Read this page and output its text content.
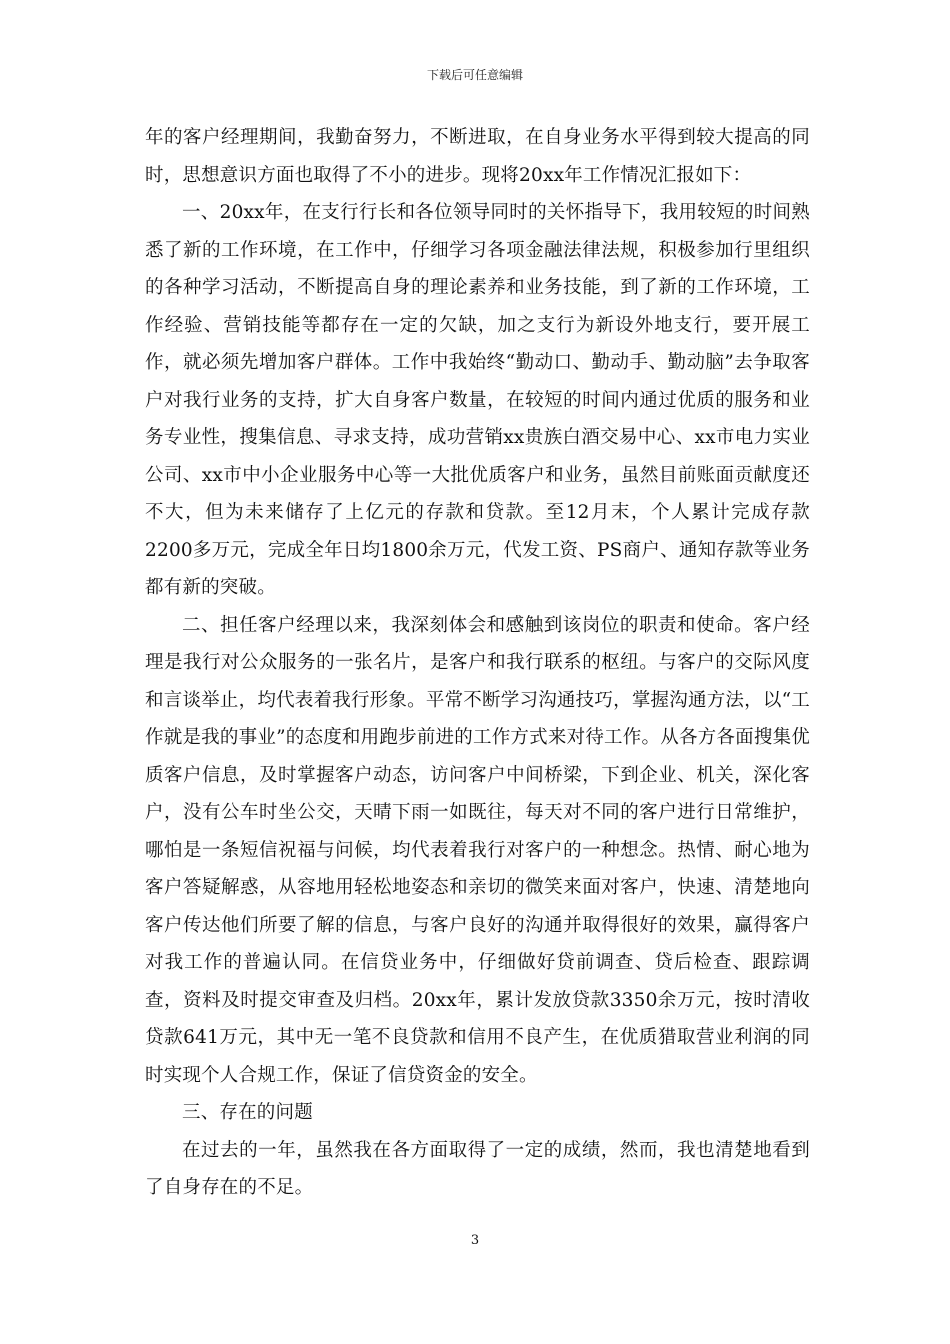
下载后可任意编辑

年的客户经理期间，我勤奋努力，不断进取，在自身业务水平得到较大提高的同时，思想意识方面也取得了不小的进步。现将20xx年工作情况汇报如下：

一、20xx年，在支行行长和各位领导同时的关怀指导下，我用较短的时间熟悉了新的工作环境，在工作中，仔细学习各项金融法律法规，积极参加行里组织的各种学习活动，不断提高自身的理论素养和业务技能，到了新的工作环境，工作经验、营销技能等都存在一定的欠缺，加之支行为新设外地支行，要开展工作，就必须先增加客户群体。工作中我始终“勤动口、勤动手、勤动脑”去争取客户对我行业务的支持，扩大自身客户数量，在较短的时间内通过优质的服务和业务专业性，搜集信息、寻求支持，成功营销xx贵族白酒交易中心、xx市电力实业公司、xx市中小企业服务中心等一大批优质客户和业务，虽然目前账面贡献度还不大，但为未来储存了上亿元的存款和贷款。至12月末，个人累计完成存款2200多万元，完成全年日均1800余万元，代发工资、PS商户、通知存款等业务都有新的突破。

二、担任客户经理以来，我深刻体会和感触到该岗位的职责和使命。客户经理是我行对公众服务的一张名片，是客户和我行联系的枢纽。与客户的交际风度和言谈举止，均代表着我行形象。平常不断学习沟通技巧，掌握沟通方法，以“工作就是我的事业”的态度和用跑步前进的工作方式来对待工作。从各方各面搜集优质客户信息，及时掌握客户动态，访问客户中间桥梁，下到企业、机关，深化客户，没有公车时坐公交，天晴下雨一如既往，每天对不同的客户进行日常维护，哪怕是一条短信祝福与问候，均代表着我行对客户的一种想念。热情、耐心地为客户答疑解惑，从容地用轻松地姿态和亲切的微笑来面对客户，快速、清楚地向客户传达他们所要了解的信息，与客户良好的沟通并取得很好的效果，赢得客户对我工作的普遍认同。在信贷业务中，仔细做好贷前调查、贷后检查、跟踪调查，资料及时提交审查及归档。20xx年，累计发放贷款3350余万元，按时清收贷款641万元，其中无一笔不良贷款和信用不良产生，在优质猎取营业利润的同时实现个人合规工作，保证了信贷资金的安全。

三、存在的问题

在过去的一年，虽然我在各方面取得了一定的成绩，然而，我也清楚地看到了自身存在的不足。

3
